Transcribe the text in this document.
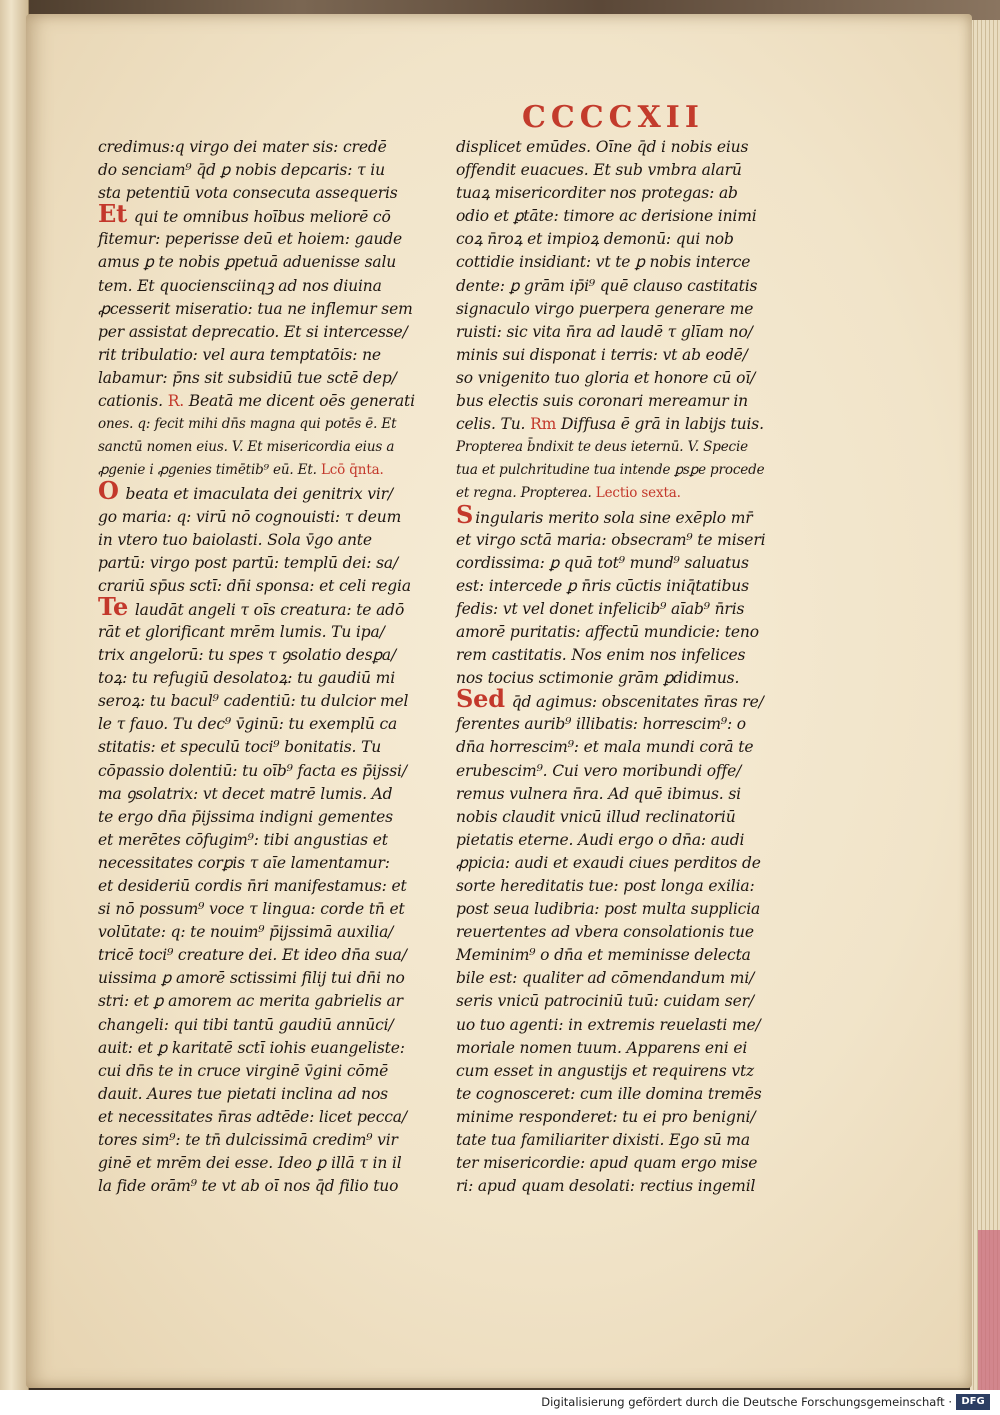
CCCCXII
credimus:q virgo dei mater sis: credē
do senciam⁹ q̄d ꝑ nobis depcaris: τ iu
sta petentiū vota consecuta assequeris
Et qui te omnibus hoībus meliorē cō
fitemur: peperisse deū et hoiem: gaude
amus ꝑ te nobis ꝑpetuā aduenisse salu
tem. Et quociensciinqꝫ ad nos diuina
ꝓcesserit miseratio: tua ne inflemur sem
per assistat deprecatio. Et si intercesse/
rit tribulatio: vel aura temptatōis: ne
labamur: p̄ns sit subsidiū tue sctē dep/
cationis. R. Beatā me dicent oēs generati
ones. q: fecit mihi dn̄s magna qui potēs ē. Et
sanctū nomen eius. V. Et misericordia eius a
ꝓgenie i ꝓgenies timētib⁹ eū. Et. Lcō q̄nta.
O beata et imaculata dei genitrix vir/
go maria: q: virū nō cognouisti: τ deum
in vtero tuo baiolasti. Sola v̄go ante
partū: virgo post partū: templū dei: sa/
crariū sp̄us sctī: dn̄i sponsa: et celi regia
Te laudāt angeli τ oīs creatura: te adō
rāt et glorificant mrēm lumis. Tu ipa/
trix angelorū: tu spes τ ꝯsolatio desꝑa/
toꝝ: tu refugiū desolatoꝝ: tu gaudiū mi
seroꝝ: tu bacul⁹ cadentiū: tu dulcior mel
le τ fauo. Tu dec⁹ v̄ginū: tu exemplū ca
stitatis: et speculū toci⁹ bonitatis. Tu
cōpassio dolentiū: tu oīb⁹ facta es p̄ijssi/
ma ꝯsolatrix: vt decet matrē lumis. Ad
te ergo dn̄a p̄ijssima indigni gementes
et merētes cōfugim⁹: tibi angustias et
necessitates corꝑis τ aīe lamentamur:
et desideriū cordis n̄ri manifestamus: et
si nō possum⁹ voce τ lingua: corde tn̄ et
volūtate: q: te nouim⁹ p̄ijssimā auxilia/
tricē toci⁹ creature dei. Et ideo dn̄a sua/
uissima ꝑ amorē sctissimi filij tui dn̄i no
stri: et ꝑ amorem ac merita gabrielis ar
changeli: qui tibi tantū gaudiū annūci/
auit: et ꝑ karitatē sctī iohis euangeliste:
cui dn̄s te in cruce virginē v̄gini cōmē
dauit. Aures tue pietati inclina ad nos
et necessitates n̄ras adtēde: licet pecca/
tores sim⁹: te tn̄ dulcissimā credim⁹ vir
ginē et mrēm dei esse. Ideo ꝑ illā τ in il
la fide orām⁹ te vt ab oī nos q̄d filio tuo
displicet emūdes. Oīne q̄d i nobis eius
offendit euacues. Et sub vmbra alarū
tuaꝝ misericorditer nos protegas: ab
odio et ꝑtāte: timore ac derisione inimi
coꝝ n̄roꝝ et impioꝝ demonū: qui nob
cottidie insidiant: vt te ꝑ nobis interce
dente: ꝑ grām ip̄i⁹ quē clauso castitatis
signaculo virgo puerpera generare me
ruisti: sic vita n̄ra ad laudē τ glīam no/
minis sui disponat i terris: vt ab eodē/
so vnigenito tuo gloria et honore cū oī/
bus electis suis coronari mereamur in
celis. Tu. Rm Diffusa ē grā in labijs tuis.
Propterea b̄ndixit te deus ieternū. V. Specie
tua et pulchritudine tua intende ꝑsꝑe procede
et regna. Propterea. Lectio sexta.
Singularis merito sola sine exēplo mr̄
et virgo sctā maria: obsecram⁹ te miseri
cordissima: ꝑ quā tot⁹ mund⁹ saluatus
est: intercede ꝑ n̄ris cūctis iniq̄tatibus
fedis: vt vel donet infelicib⁹ aīab⁹ n̄ris
amorē puritatis: affectū mundicie: teno
rem castitatis. Nos enim nos infelices
nos tocius sctimonie grām ꝑdidimus.
Sed q̄d agimus: obscenitates n̄ras re/
ferentes aurib⁹ illibatis: horrescim⁹: o
dn̄a horrescim⁹: et mala mundi corā te
erubescim⁹. Cui vero moribundi offe/
remus vulnera n̄ra. Ad quē ibimus. si
nobis claudit vnicū illud reclinatoriū
pietatis eterne. Audi ergo o dn̄a: audi
ꝓpicia: audi et exaudi ciues perditos de
sorte hereditatis tue: post longa exilia:
post seua ludibria: post multa supplicia
reuertentes ad vbera consolationis tue
Meminim⁹ o dn̄a et meminisse delecta
bile est: qualiter ad cōmendandum mi/
seris vnicū patrociniū tuū: cuidam ser/
uo tuo agenti: in extremis reuelasti me/
moriale nomen tuum. Apparens eni ei
cum esset in angustijs et requirens vtz
te cognosceret: cum ille domina tremēs
minime responderet: tu ei pro benigni/
tate tua familiariter dixisti. Ego sū ma
ter misericordie: apud quam ergo mise
ri: apud quam desolati: rectius ingemil
Digitalisierung gefördert durch die Deutsche Forschungsgemeinschaft · DFG
